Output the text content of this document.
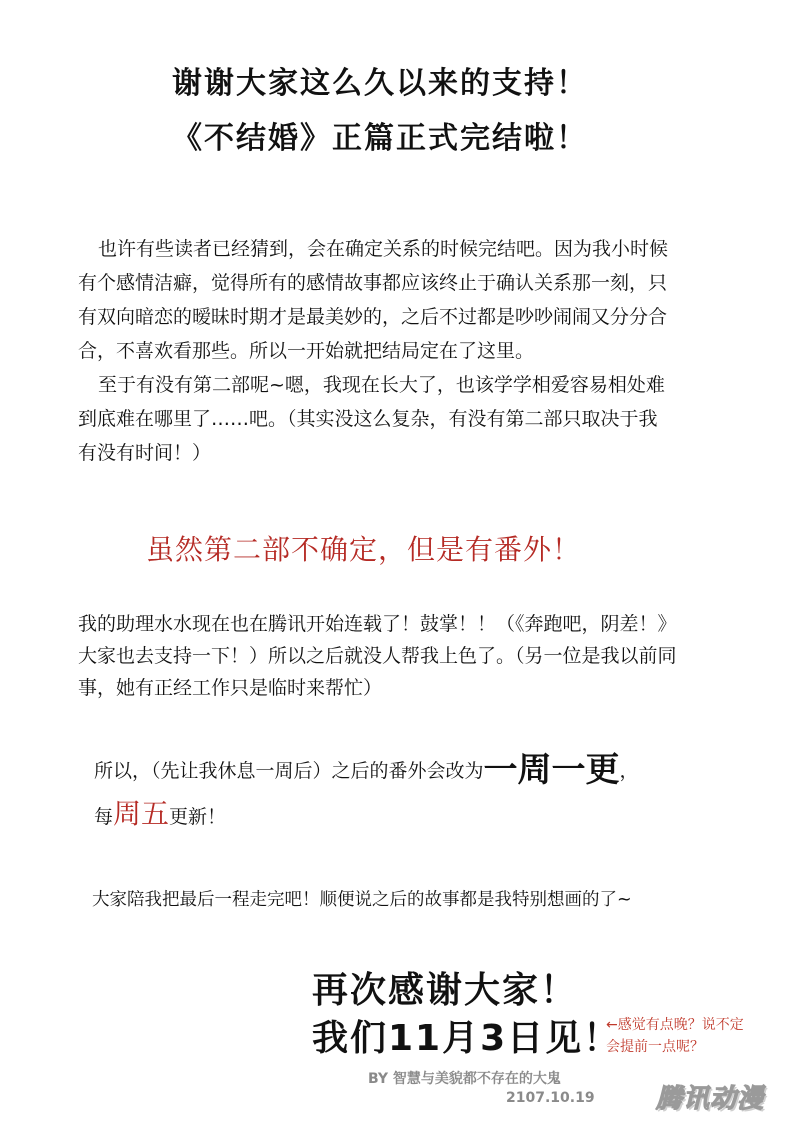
谢谢大家这么久以来的支持！
《不结婚》正篇正式完结啦！
也许有些读者已经猜到，会在确定关系的时候完结吧。因为我小时候
有个感情洁癖，觉得所有的感情故事都应该终止于确认关系那一刻，只
有双向暗恋的暧昧时期才是最美妙的，之后不过都是吵吵闹闹又分分合
合，不喜欢看那些。所以一开始就把结局定在了这里。
至于有没有第二部呢~嗯，我现在长大了，也该学学相爱容易相处难
到底难在哪里了……吧。（其实没这么复杂，有没有第二部只取决于我
有没有时间！）
虽然第二部不确定，但是有番外！
我的助理水水现在也在腾讯开始连载了！鼓掌！！（《奔跑吧，阴差！》
大家也去支持一下！）所以之后就没人帮我上色了。（另一位是我以前同
事，她有正经工作只是临时来帮忙）
所以，（先让我休息一周后）之后的番外会改为一周一更，
每周五更新！
大家陪我把最后一程走完吧！顺便说之后的故事都是我特别想画的了~
再次感谢大家！
我们11月3日见！
←感觉有点晚？说不定
会提前一点呢？
BY 智慧与美貌都不存在的大鬼
2107.10.19 腾讯动漫
